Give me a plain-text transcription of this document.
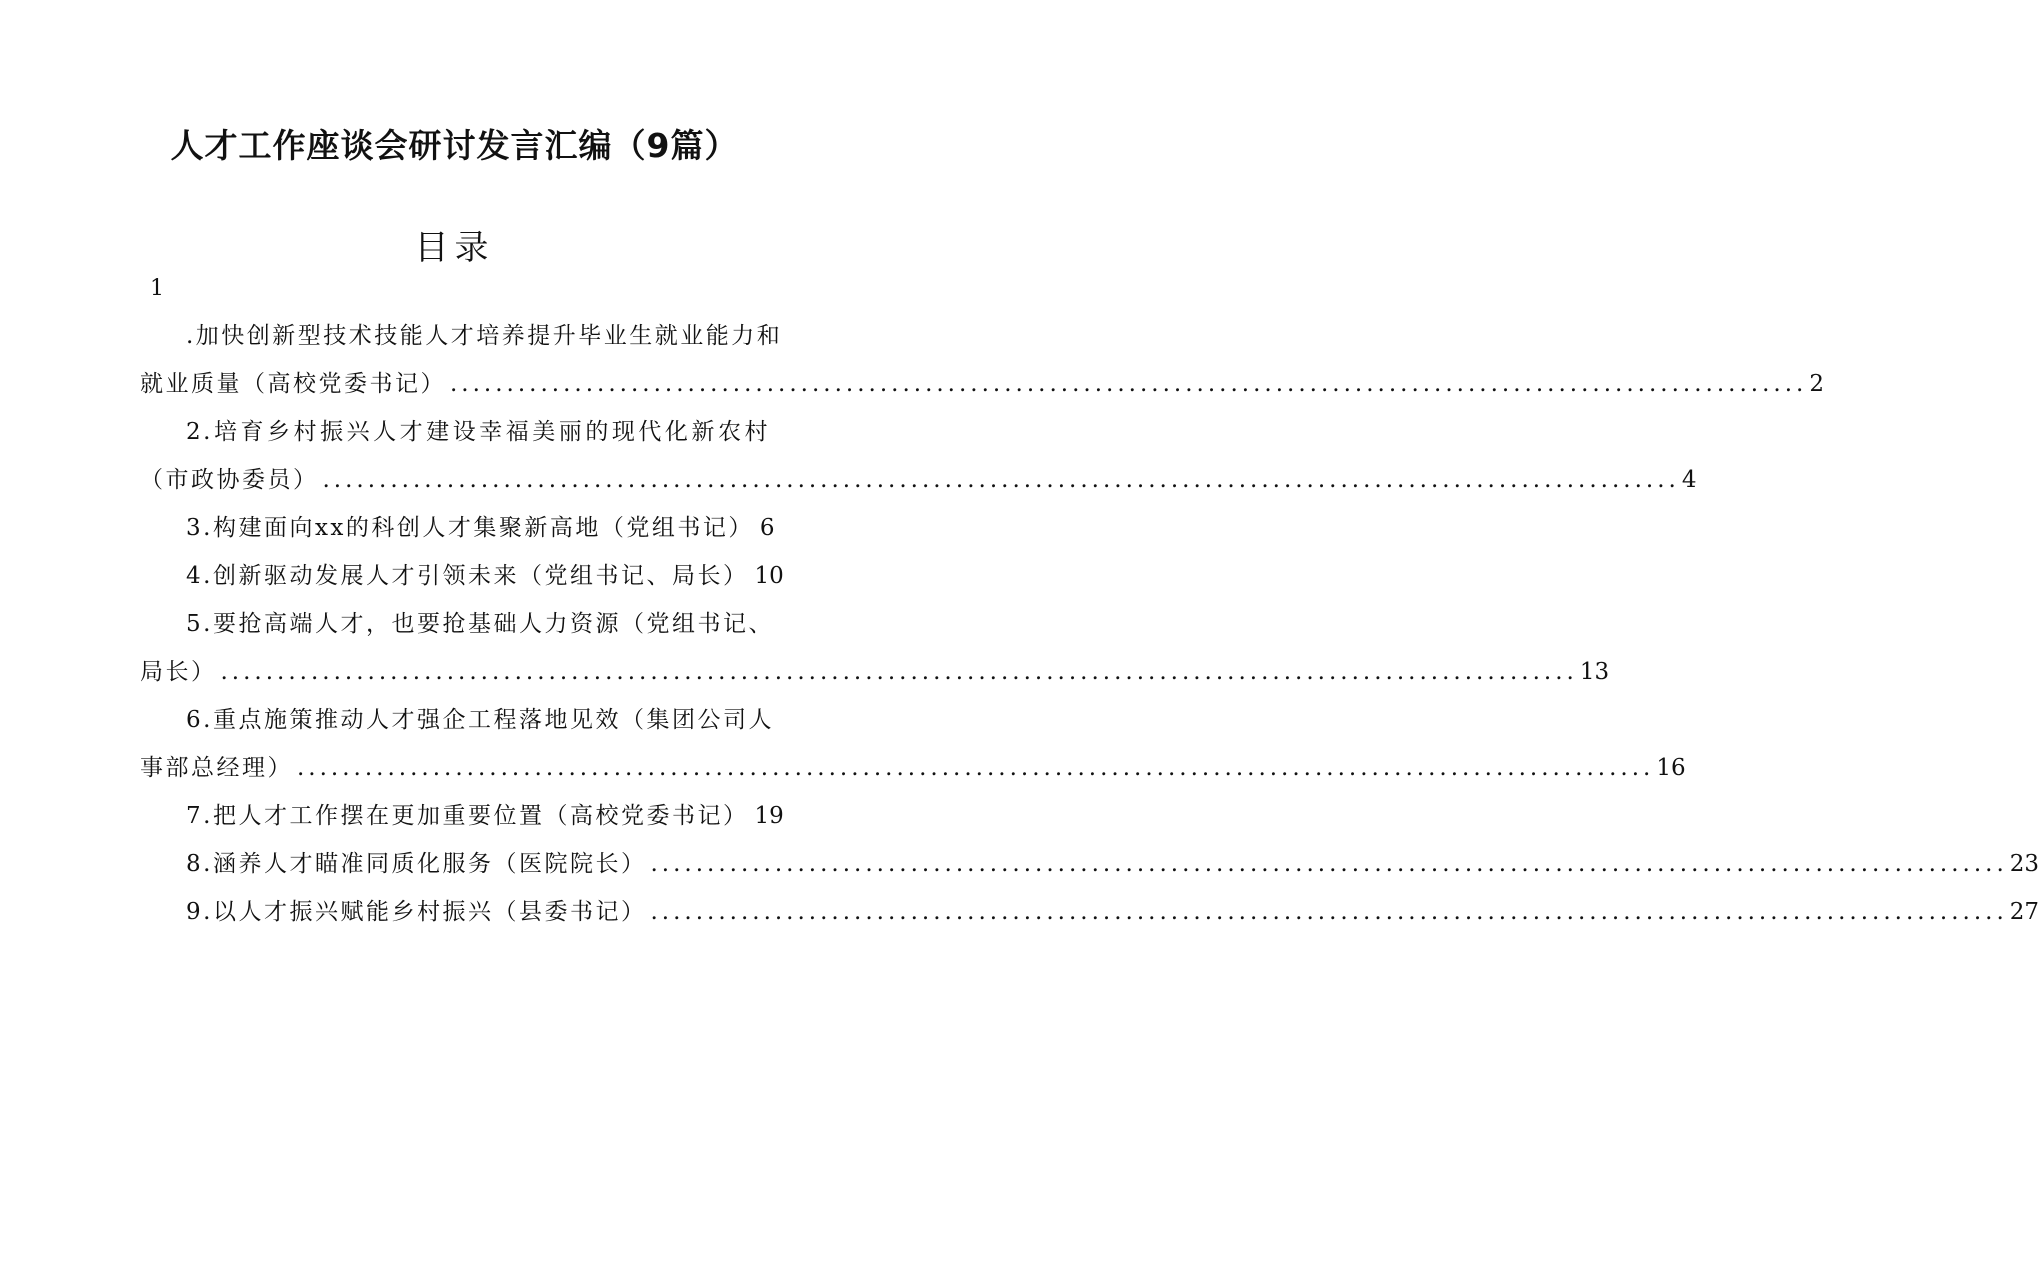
人才工作座谈会研讨发言汇编（9篇）
目录
1
.加快创新型技术技能人才培养提升毕业生就业能力和
就业质量（高校党委书记） ........................................................................................................................ 2
2.培育乡村振兴人才建设幸福美丽的现代化新农村
（市政协委员） ........................................................................................................................ 4
3.构建面向xx的科创人才集聚新高地（党组书记） 6
4.创新驱动发展人才引领未来（党组书记、局长） 10
5.要抢高端人才，也要抢基础人力资源（党组书记、
局长） ........................................................................................................................ 13
6.重点施策推动人才强企工程落地见效（集团公司人
事部总经理） ........................................................................................................................ 16
7.把人才工作摆在更加重要位置（高校党委书记） 19
8.涵养人才瞄准同质化服务（医院院长） ........................................................................................................................ 23
9.以人才振兴赋能乡村振兴（县委书记） ........................................................................................................................ 27
